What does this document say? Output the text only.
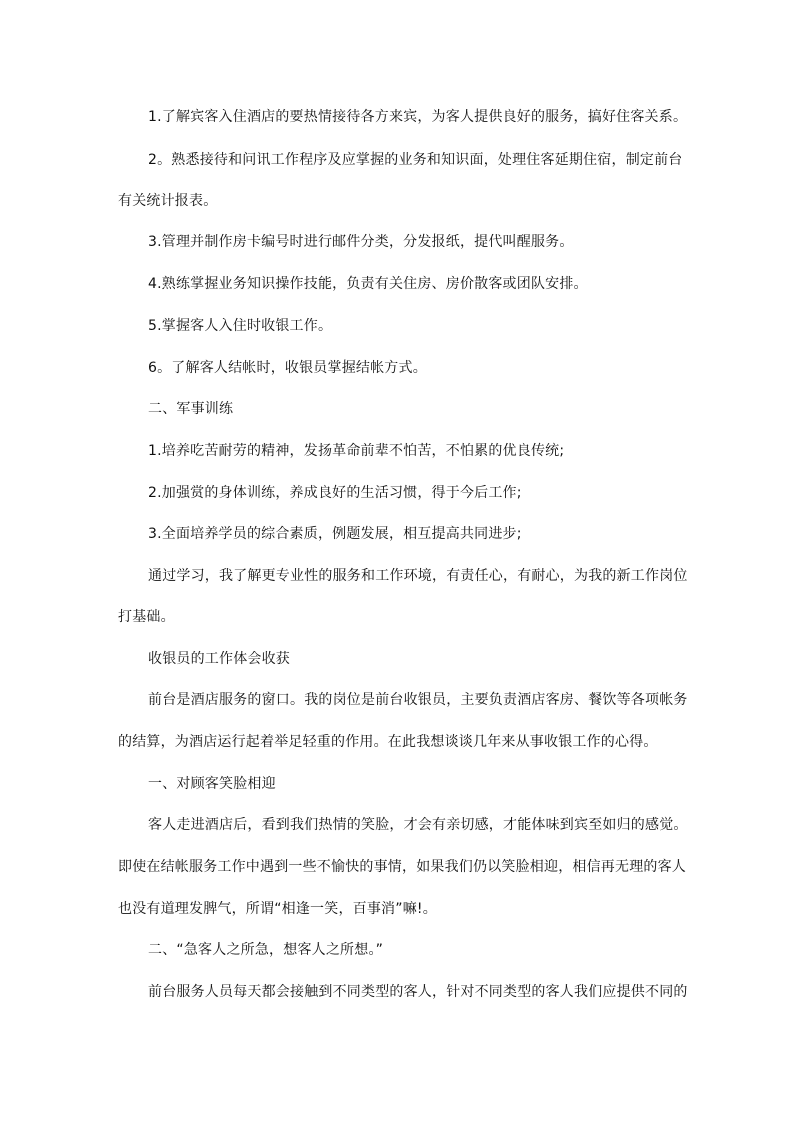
1.了解宾客入住酒店的要热情接待各方来宾，为客人提供良好的服务，搞好住客关系。
2。熟悉接待和问讯工作程序及应掌握的业务和知识面，处理住客延期住宿，制定前台
有关统计报表。
3.管理并制作房卡编号时进行邮件分类，分发报纸，提代叫醒服务。
4.熟练掌握业务知识操作技能，负责有关住房、房价散客或团队安排。
5.掌握客人入住时收银工作。
6。了解客人结帐时，收银员掌握结帐方式。
二、军事训练
1.培养吃苦耐劳的精神，发扬革命前辈不怕苦，不怕累的优良传统;
2.加强赏的身体训练，养成良好的生活习惯，得于今后工作;
3.全面培养学员的综合素质，例题发展，相互提高共同进步;
通过学习，我了解更专业性的服务和工作环境，有责任心，有耐心，为我的新工作岗位
打基础。
收银员的工作体会收获
前台是酒店服务的窗口。我的岗位是前台收银员，主要负责酒店客房、餐饮等各项帐务
的结算，为酒店运行起着举足轻重的作用。在此我想谈谈几年来从事收银工作的心得。
一、对顾客笑脸相迎
客人走进酒店后，看到我们热情的笑脸，才会有亲切感，才能体味到宾至如归的感觉。
即使在结帐服务工作中遇到一些不愉快的事情，如果我们仍以笑脸相迎，相信再无理的客人
也没有道理发脾气，所谓“相逢一笑，百事消”嘛!。
二、“急客人之所急，想客人之所想。”
前台服务人员每天都会接触到不同类型的客人，针对不同类型的客人我们应提供不同的
